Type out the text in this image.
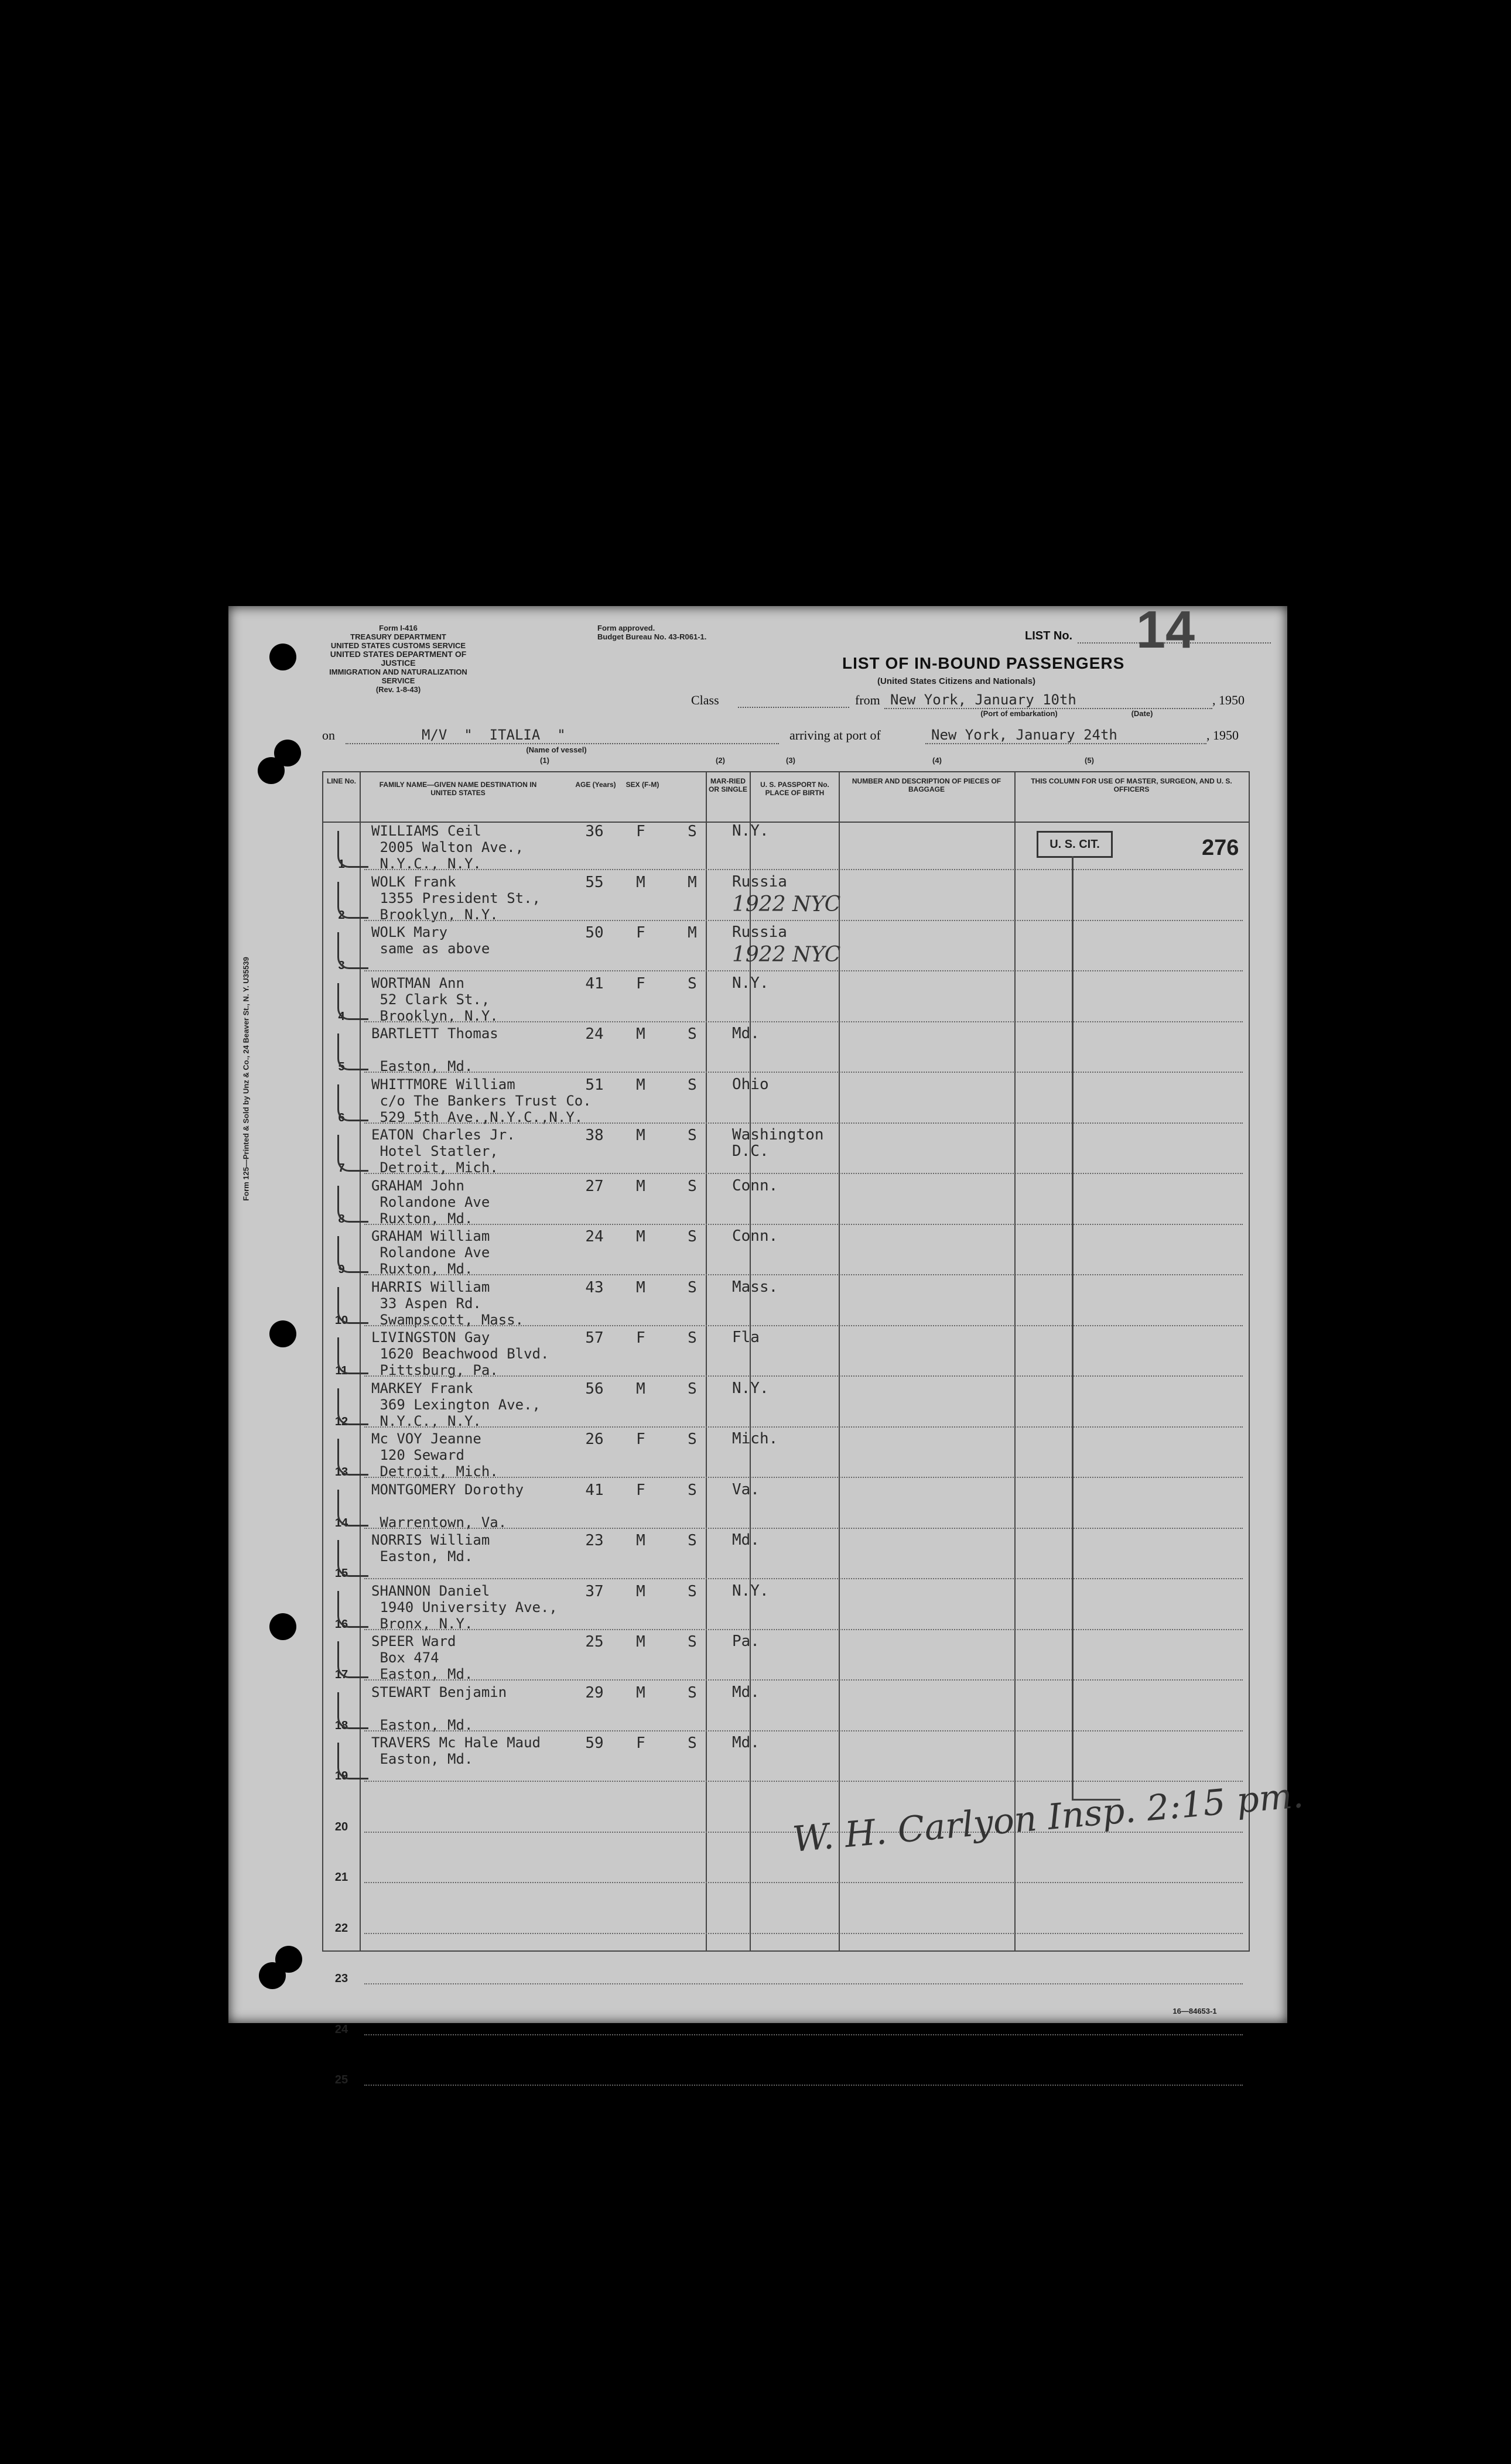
Form I-416
TREASURY DEPARTMENT
UNITED STATES CUSTOMS SERVICE
UNITED STATES DEPARTMENT OF JUSTICE
IMMIGRATION AND NATURALIZATION SERVICE
(Rev. 1-8-43)
Form approved.
Budget Bureau No. 43-R061-1.	LIST No. 14
LIST OF IN-BOUND PASSENGERS
(United States Citizens and Nationals)
Class	from New York, January 10th	, 1950
(Port of embarkation)	(Date)
on	M/V  "  ITALIA  "
(Name of vessel)
arriving at port of	New York, January 24th	, 1950
(1)	(2)	(3)	(4)	(5)
Form 125—Printed & Sold by Unz & Co., 24 Beaver St., N. Y. U35539
LINE No.	FAMILY NAME—GIVEN NAME DESTINATION IN UNITED STATES
AGE (Years) SEX (F-M)	MAR-RIED OR SINGLE
U. S. PASSPORT No. PLACE OF BIRTH
NUMBER AND DESCRIPTION OF PIECES OF BAGGAGE
THIS COLUMN FOR USE OF MASTER, SURGEON, AND U. S. OFFICERS
1
WILLIAMS Ceil
2005 Walton Ave.,
N.Y.C., N.Y.
36	F	S	N.Y.
2
WOLK Frank
1355 President St.,
Brooklyn, N.Y.
55	M	M	Russia
1922 NYC
3
WOLK Mary
same as above
50	F	M	Russia
1922 NYC
4
WORTMAN Ann
52 Clark St.,
Brooklyn, N.Y.
41	F	S	N.Y.
5
BARTLETT Thomas

Easton, Md.
24	M	S	Md.
6
WHITTMORE William
c/o The Bankers Trust Co.
529 5th Ave.,N.Y.C.,N.Y.
51	M	S	Ohio
7
EATON Charles Jr.
Hotel Statler,
Detroit, Mich.
38	M	S	Washington
D.C.
8
GRAHAM John
Rolandone Ave
Ruxton, Md.
27	M	S	Conn.
9
GRAHAM William
Rolandone Ave
Ruxton, Md.
24	M	S	Conn.
10
HARRIS William
33 Aspen Rd.
Swampscott, Mass.
43	M	S	Mass.
11
LIVINGSTON Gay
1620 Beachwood Blvd.
Pittsburg, Pa.
57	F	S	Fla
12
MARKEY Frank
369 Lexington Ave.,
N.Y.C., N.Y.
56	M	S	N.Y.
13
Mc VOY Jeanne
120 Seward
Detroit, Mich.
26	F	S	Mich.
14
MONTGOMERY Dorothy

Warrentown, Va.
41	F	S	Va.
15
NORRIS William
Easton, Md.
23	M	S	Md.
16
SHANNON Daniel
1940 University Ave.,
Bronx, N.Y.
37	M	S	N.Y.
17
SPEER Ward
Box 474
Easton, Md.
25	M	S	Pa.
18
STEWART Benjamin

Easton, Md.
29	M	S	Md.
19
TRAVERS Mc Hale Maud
Easton, Md.
59	F	S	Md.
20
21
22
23
24
25
U. S. CIT.	276
W. H. Carlyon Insp. 2:15 pm.
16—84653-1
